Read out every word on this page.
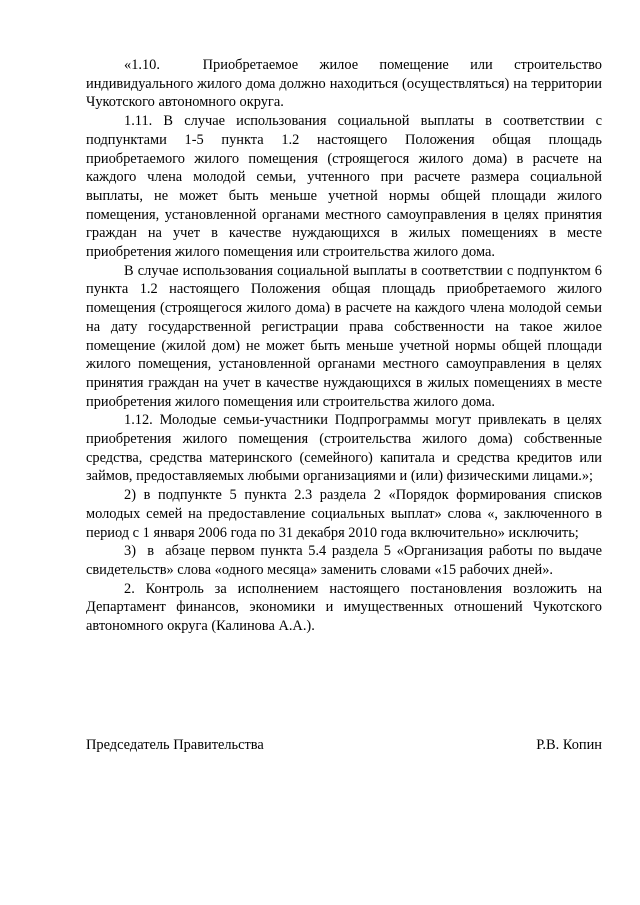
«1.10.  Приобретаемое жилое помещение или строительство индивидуального жилого дома должно находиться (осуществляться) на территории Чукотского автономного округа.

1.11. В случае использования социальной выплаты в соответствии с подпунктами 1-5 пункта 1.2 настоящего Положения общая площадь приобретаемого жилого помещения (строящегося жилого дома) в расчете на каждого члена молодой семьи, учтенного при расчете размера социальной выплаты, не может быть меньше учетной нормы общей площади жилого помещения, установленной органами местного самоуправления в целях принятия граждан на учет в качестве нуждающихся в жилых помещениях в месте приобретения жилого помещения или строительства жилого дома.

В случае использования социальной выплаты в соответствии с подпунктом 6 пункта 1.2 настоящего Положения общая площадь приобретаемого жилого помещения (строящегося жилого дома) в расчете на каждого члена молодой семьи на дату государственной регистрации права собственности на такое жилое помещение (жилой дом) не может быть меньше учетной нормы общей площади жилого помещения, установленной органами местного самоуправления в целях принятия граждан на учет в качестве нуждающихся в жилых помещениях в месте приобретения жилого помещения или строительства жилого дома.

1.12. Молодые семьи-участники Подпрограммы могут привлекать в целях приобретения жилого помещения (строительства жилого дома) собственные средства, средства материнского (семейного) капитала и средства кредитов или займов, предоставляемых любыми организациями и (или) физическими лицами.»;

2) в подпункте 5 пункта 2.3 раздела 2 «Порядок формирования списков молодых семей на предоставление социальных выплат» слова «, заключенного в период с 1 января 2006 года по 31 декабря 2010 года включительно» исключить;

3)  в  абзаце первом пункта 5.4 раздела 5 «Организация работы по выдаче свидетельств» слова «одного месяца» заменить словами «15 рабочих дней».

2. Контроль за исполнением настоящего постановления возложить на Департамент финансов, экономики и имущественных отношений Чукотского автономного округа (Калинова А.А.).

Председатель Правительства	Р.В. Копин
